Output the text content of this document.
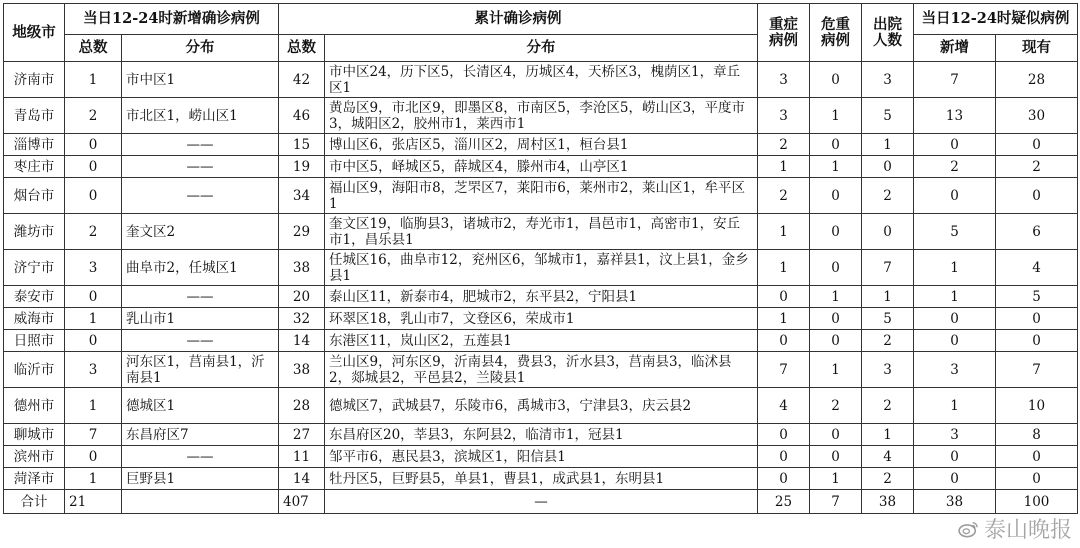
地级市	当日12-24时新增确诊病例		累计确诊病例		重症病例	危重病例	出院人数	当日12-24时疑似病例	
	总数	分布	总数	分布				新增	现有
济南市	1	市中区1	42	市中区24，历下区5，长清区4，历城区4，天桥区3，槐荫区1，章丘区1	3	0	3	7	28
青岛市	2	市北区1，崂山区1	46	黄岛区9，市北区9，即墨区8，市南区5，李沧区5，崂山区3，平度市3，城阳区2，胶州市1，莱西市1	3	1	5	13	30
淄博市	0	——	15	博山区6，张店区5，淄川区2，周村区1，桓台县1	2	0	1	0	0
枣庄市	0	——	19	市中区5，峄城区5，薛城区4，滕州市4，山亭区1	1	1	0	2	2
烟台市	0	——	34	福山区9，海阳市8，芝罘区7，莱阳市6，莱州市2，莱山区1，牟平区1	2	0	2	0	0
潍坊市	2	奎文区2	29	奎文区19，临朐县3，诸城市2，寿光市1，昌邑市1，高密市1，安丘市1，昌乐县1	1	0	0	5	6
济宁市	3	曲阜市2，任城区1	38	任城区16，曲阜市12，兖州区6，邹城市1，嘉祥县1，汶上县1，金乡县1	1	0	7	1	4
泰安市	0	——	20	泰山区11，新泰市4，肥城市2，东平县2，宁阳县1	0	1	1	1	5
威海市	1	乳山市1	32	环翠区18，乳山市7，文登区6，荣成市1	1	0	5	0	0
日照市	0	——	14	东港区11，岚山区2，五莲县1	0	0	2	0	0
临沂市	3	河东区1，莒南县1，沂南县1	38	兰山区9，河东区9，沂南县4，费县3，沂水县3，莒南县3，临沭县2，郯城县2，平邑县2，兰陵县1	7	1	3	3	7
德州市	1	德城区1	28	德城区7，武城县7，乐陵市6，禹城市3，宁津县3，庆云县2	4	2	2	1	10
聊城市	7	东昌府区7	27	东昌府区20，莘县3，东阿县2，临清市1，冠县1	0	0	1	3	8
滨州市	0	——	11	邹平市6，惠民县3，滨城区1，阳信县1	0	0	4	0	0
菏泽市	1	巨野县1	14	牡丹区5，巨野县5，单县1，曹县1，成武县1，东明县1	0	1	2	0	0
合计	21		407	—	25	7	38	38	100
泰山晚报
